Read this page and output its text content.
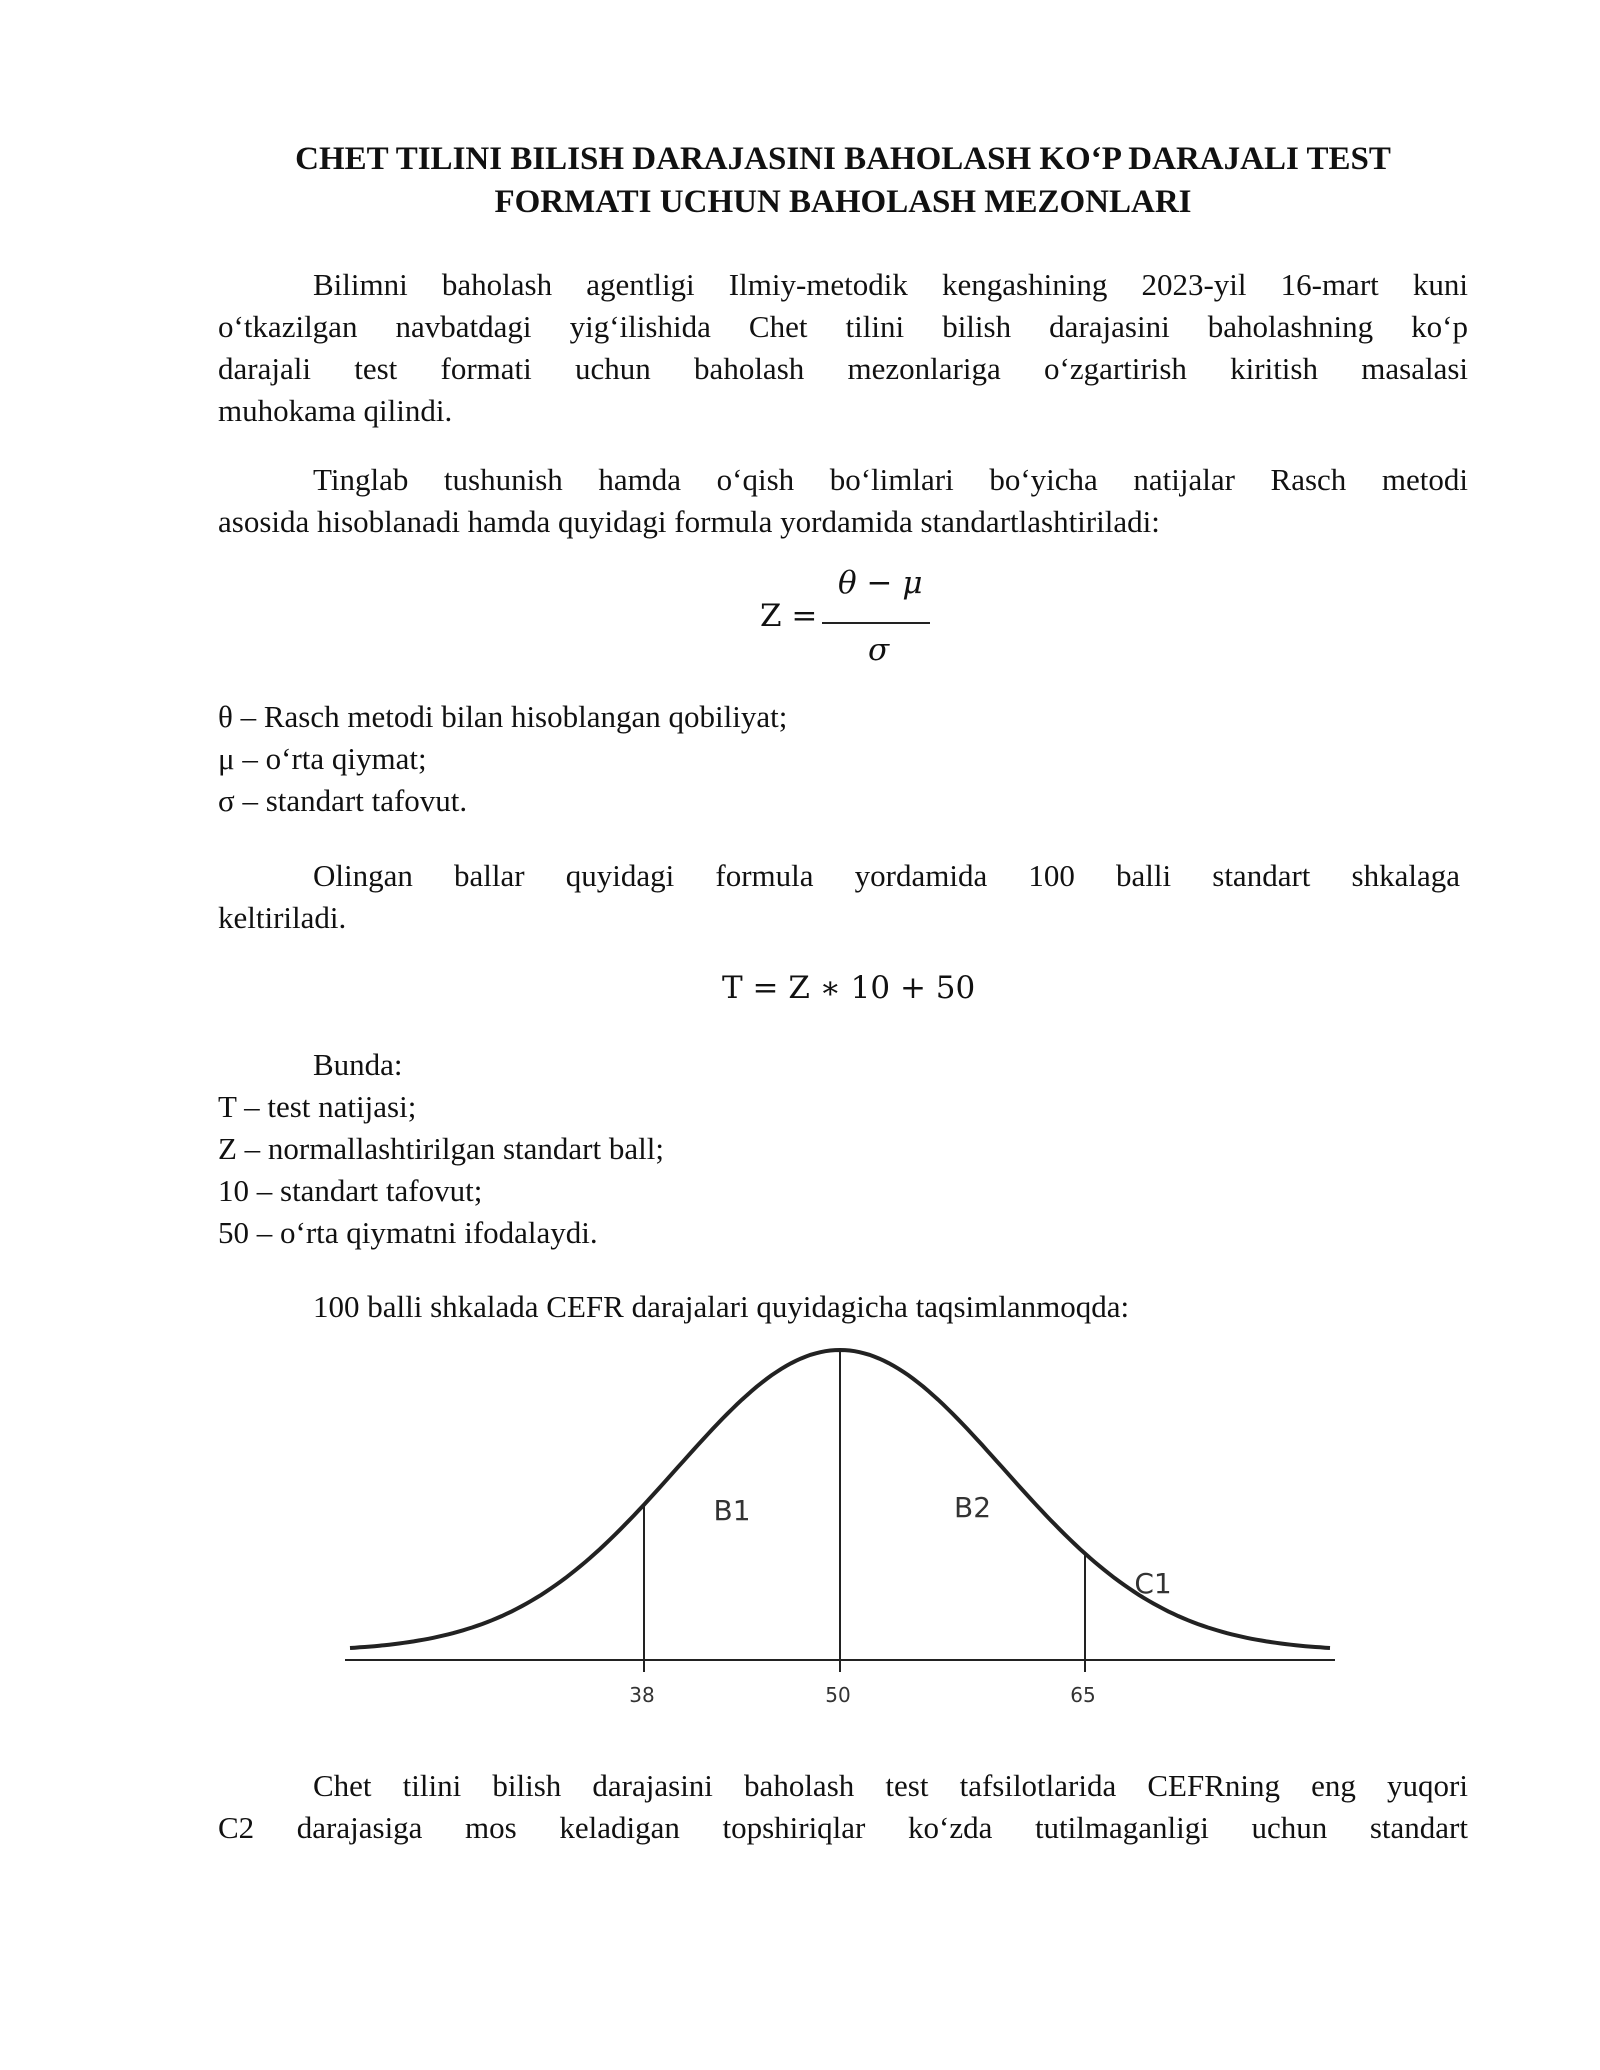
CHET TILINI BILISH DARAJASINI BAHOLASH KO‘P DARAJALI TEST
FORMATI UCHUN BAHOLASH MEZONLARI
Bilimni baholash agentligi Ilmiy-metodik kengashining 2023-yil 16-mart kuni
o‘tkazilgan navbatdagi yig‘ilishida Chet tilini bilish darajasini baholashning ko‘p
darajali test formati uchun baholash mezonlariga o‘zgartirish kiritish masalasi
muhokama qilindi.
Tinglab tushunish hamda o‘qish bo‘limlari bo‘yicha natijalar Rasch metodi
asosida hisoblanadi hamda quyidagi formula yordamida standartlashtiriladi:
Z =
θ − μ
σ
θ – Rasch metodi bilan hisoblangan qobiliyat;
μ – o‘rta qiymat;
σ – standart tafovut.
Olingan ballar quyidagi formula yordamida 100 balli standart shkalaga
keltiriladi.
T = Z ∗ 10 + 50
Bunda:
T – test natijasi;
Z – normallashtirilgan standart ball;
10 – standart tafovut;
50 – o‘rta qiymatni ifodalaydi.
100 balli shkalada CEFR darajalari quyidagicha taqsimlanmoqda:
38	50	65
B1	B2
C1
Chet tilini bilish darajasini baholash test tafsilotlarida CEFRning eng yuqori
C2 darajasiga mos keladigan topshiriqlar ko‘zda tutilmaganligi uchun standart
